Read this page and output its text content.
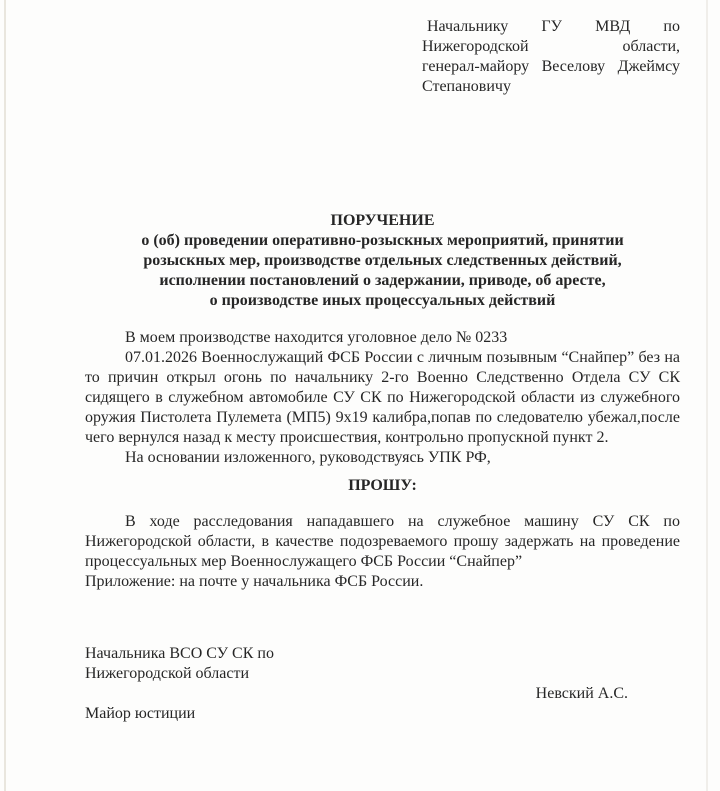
Начальнику ГУ МВД по
Нижегородской области,
генерал-майору Веселову Джеймсу
Степановичу
ПОРУЧЕНИЕ
о (об) проведении оперативно-розыскных мероприятий, принятии
розыскных мер, производстве отдельных следственных действий,
исполнении постановлений о задержании, приводе, об аресте,
о производстве иных процессуальных действий
В моем производстве находится уголовное дело № 0233
07.01.2026 Военнослужащий ФСБ России с личным позывным “Снайпер” без на то причин открыл огонь по начальнику 2-го Военно Следственно Отдела СУ СК сидящего в служебном автомобиле СУ СК по Нижегородской области из служебного оружия Пистолета Пулемета (МП5) 9х19 калибра,попав по следователю убежал,после чего вернулся назад к месту происшествия, контрольно пропускной пункт 2.
На основании изложенного, руководствуясь УПК РФ,
ПРОШУ:
В ходе расследования нападавшего на служебное машину СУ СК по Нижегородской области, в качестве подозреваемого прошу задержать на проведение процессуальных мер Военнослужащего ФСБ России “Снайпер”
Приложение: на почте у начальника ФСБ России.
Начальника ВСО СУ СК по
Нижегородской области
Невский А.С.
Майор юстиции
